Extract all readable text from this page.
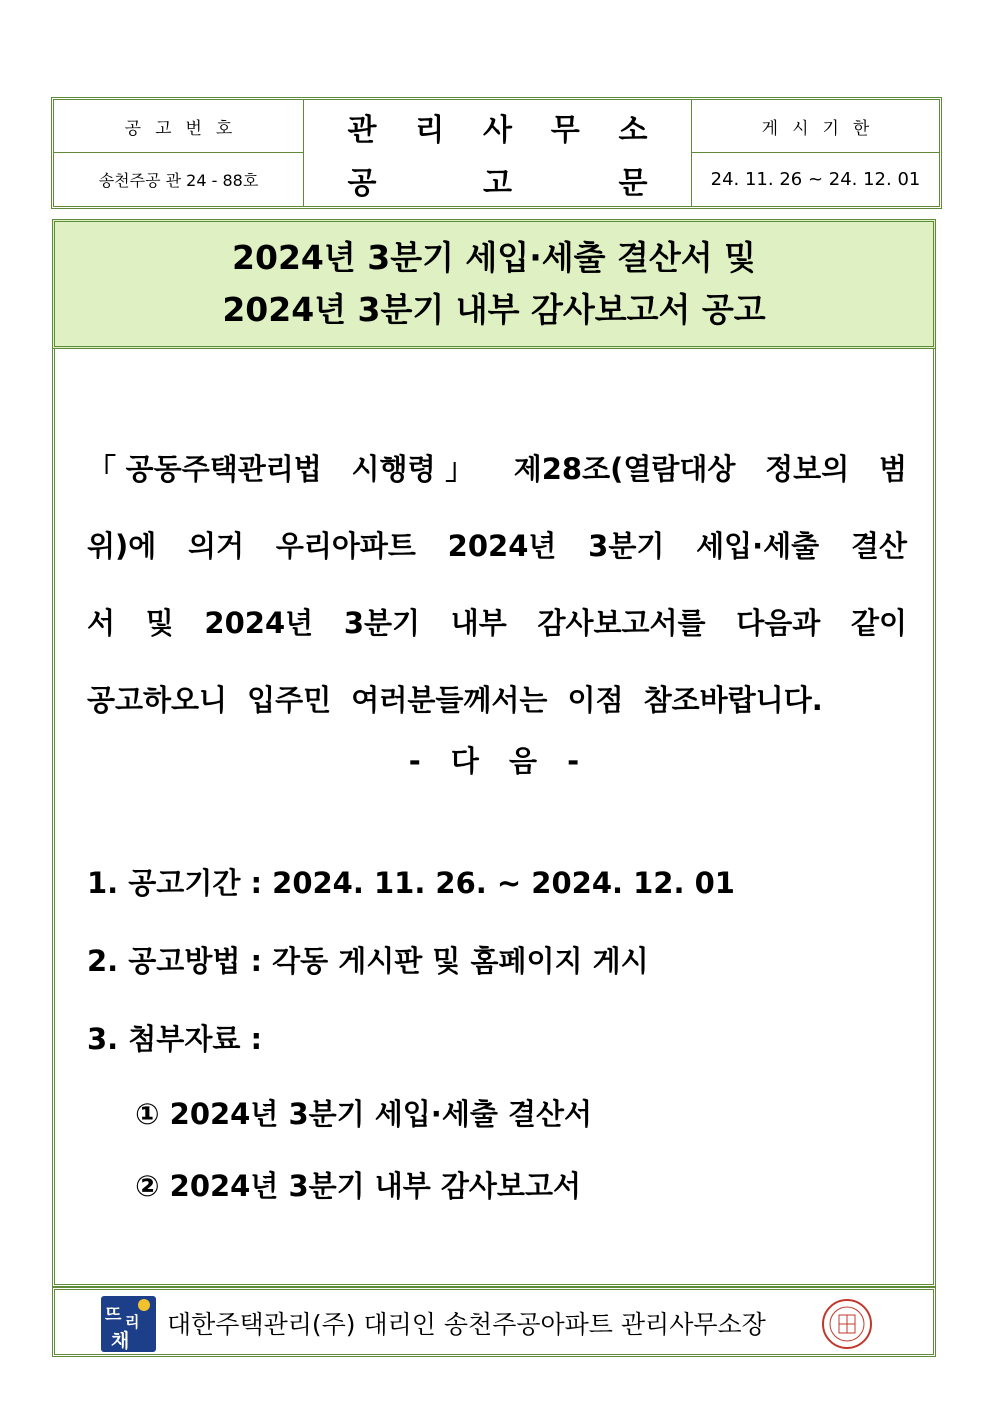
공고번호
송천주공 관 24 - 88호
관 리 사 무 소
공	고	문
게시기한
24. 11. 26 ~ 24. 12. 01
2024년 3분기 세입·세출 결산서 및
2024년 3분기 내부 감사보고서 공고
「공동주택관리법 시행령」 제28조(열람대상 정보의 범
위)에 의거 우리아파트 2024년 3분기 세입·세출 결산
서 및 2024년 3분기 내부 감사보고서를 다음과 같이
공고하오니 입주민 여러분들께서는 이점 참조바랍니다.
- 다 음 -
1. 공고기간 : 2024. 11. 26. ~ 2024. 12. 01
2. 공고방법 : 각동 게시판 및 홈페이지 게시
3. 첨부자료 :
① 2024년 3분기 세입·세출 결산서
② 2024년 3분기 내부 감사보고서
뜨 리
채
대한주택관리(주) 대리인 송천주공아파트 관리사무소장
